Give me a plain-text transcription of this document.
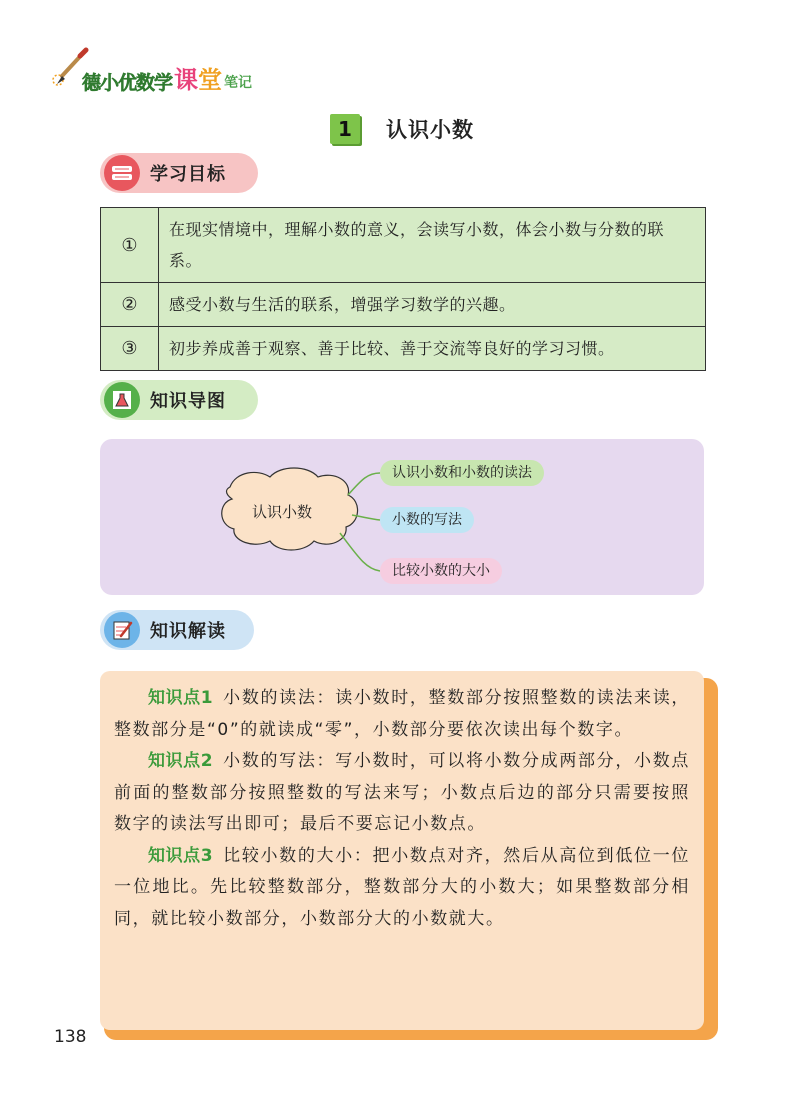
德小优数学 课 堂 笔记
1	认识小数
学习目标
①	在现实情境中，理解小数的意义，会读写小数，体会小数与分数的联系。
②	感受小数与生活的联系，增强学习数学的兴趣。
③	初步养成善于观察、善于比较、善于交流等良好的学习习惯。
知识导图
认识小数
认识小数和小数的读法
小数的写法
比较小数的大小
知识解读

知识点1 小数的读法：读小数时，整数部分按照整数的读法来读，整数部分是“0”的就读成“零”，小数部分要依次读出每个数字。

知识点2 小数的写法：写小数时，可以将小数分成两部分，小数点前面的整数部分按照整数的写法来写；小数点后边的部分只需要按照数字的读法写出即可；最后不要忘记小数点。

知识点3 比较小数的大小：把小数点对齐，然后从高位到低位一位一位地比。先比较整数部分，整数部分大的小数大；如果整数部分相同，就比较小数部分，小数部分大的小数就大。

138
